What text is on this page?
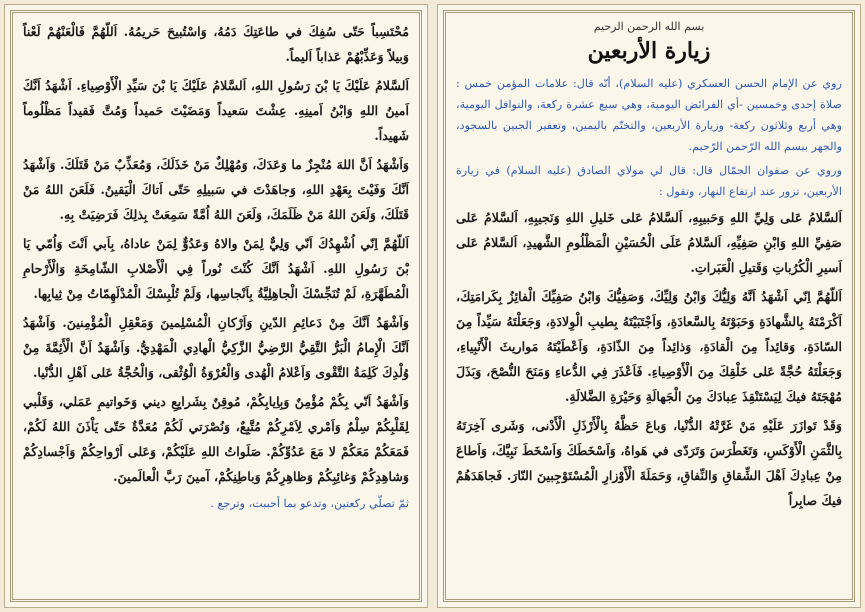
مُحْتَسِباً حَتّى سُفِكَ في طاعَتِكَ دَمُهُ، وَاسْتُبيحَ حَريمُهُ. اَللّهُمَّ فَالْعَنْهُمْ لَعْناً وَبيلاً وَعَذِّبْهُمْ عَذاباً اَليماً.

اَلسَّلامُ عَلَيْكَ يَا بْنَ رَسُولِ اللهِ، اَلسَّلامُ عَلَيْكَ يَا بْنَ سَيِّدِ الْأَوْصِياءِ. اَشْهَدُ اَنَّكَ اَمينُ اللهِ وَابْنُ اَمينِهِ. عِشْتَ سَعيداً وَمَضَيْتَ حَميداً وَمُتَّ فَقيداً مَظْلُوماً شَهيداً.

وَاَشْهَدُ اَنَّ اللهَ مُنْجِزٌ ما وَعَدَكَ، وَمُهْلِكٌ مَنْ خَذَلَكَ، وَمُعَذِّبٌ مَنْ قَتَلَكَ. وَاَشْهَدُ اَنَّكَ وَفَيْتَ بِعَهْدِ اللهِ، وَجاهَدْتَ في سَبيلِهِ حَتّى اَتاكَ الْيَقينُ. فَلَعَنَ اللهُ مَنْ قَتَلَكَ، وَلَعَنَ اللهُ مَنْ ظَلَمَكَ، وَلَعَنَ اللهُ اُمَّةً سَمِعَتْ بِذلِكَ فَرَضِيَتْ بِهِ.

اَللّهُمَّ اِنّي اُشْهِدُكَ اَنّي وَلِيٌّ لِمَنْ والاهُ وَعَدُوٌّ لِمَنْ عاداهُ، بِاَبي اَنْتَ وَاُمّي يَا بْنَ رَسُولِ اللهِ. اَشْهَدُ اَنَّكَ كُنْتَ نُوراً فِي الْأَصْلابِ الشّامِخَةِ وَالْأَرْحامِ الْمُطَهَّرَةِ، لَمْ تُنَجِّسْكَ الْجاهِلِيَّةُ بِاَنْجاسِها، وَلَمْ تُلْبِسْكَ الْمُدْلَهِمّاتُ مِنْ ثِيابِها.

وَاَشْهَدُ اَنَّكَ مِنْ دَعائِمِ الدّينِ وَاَرْكانِ الْمُسْلِمينَ وَمَعْقِلِ الْمُؤْمِنينَ. وَاَشْهَدُ اَنَّكَ الْإِمامُ الْبَرُّ التَّقِيُّ الرَّضِيُّ الزَّكِيُّ الْهادِي الْمَهْدِيُّ. وَاَشْهَدُ اَنَّ الْأَئِمَّةَ مِنْ وُلْدِكَ كَلِمَةُ التَّقْوى وَاَعْلامُ الْهُدى وَالْعُرْوَةُ الْوُثْقى، وَالْحُجَّةُ عَلى اَهْلِ الدُّنْيا.

وَاَشْهَدُ اَنّي بِكُمْ مُؤْمِنٌ وَبِاِيابِكُمْ، مُوقِنٌ بِشَرايِعِ ديني وَخَواتيمِ عَمَلي، وَقَلْبي لِقَلْبِكُمْ سِلْمٌ وَاَمْري لِاَمْرِكُمْ مُتَّبِعٌ، وَنُصْرَتي لَكُمْ مُعَدَّةٌ حَتّى يَاْذَنَ اللهُ لَكُمْ، فَمَعَكُمْ مَعَكُمْ لا مَعَ عَدُوِّكُمْ. صَلَواتُ اللهِ عَلَيْكُمْ، وَعَلى اَرْواحِكُمْ وَاَجْسادِكُمْ وَشاهِدِكُمْ وَغائِبِكُمْ وَظاهِرِكُمْ وَباطِنِكُمْ، آمينَ رَبَّ الْعالَمينَ.

ثمّ تصلّي ركعتين، وتدعو بما أحببت، وترجع .

بسم الله الرحمن الرحيم

زيارة الأربعين

روي عن الإمام الحسن العسكري (عليه السلام)، أنّه قال: علامات المؤمن خمس : صلاة إحدى وخمسين -أي الفرائض اليومية، وهي سبع عشرة ركعة، والنوافل اليومية، وهي أربع وثلاثون ركعة- وزيارة الأربعين، والتختّم باليمين، وتعفير الجبين بالسجود، والجهر ببسم الله الرّحمن الرّحيم.

وروي عن صفوان الجمّال قال: قال لي مولاي الصادق (عليه السلام) في زيارة الأربعين، تزور عند ارتفاع النهار، وتقول :

اَلسَّلامُ عَلى وَلِيِّ اللهِ وَحَبيبِهِ، اَلسَّلامُ عَلى خَليلِ اللهِ وَنَجيبِهِ، اَلسَّلامُ عَلى صَفِيِّ اللهِ وَابْنِ صَفِيِّهِ، اَلسَّلامُ عَلَى الْحُسَيْنِ الْمَظْلُومِ الشَّهيدِ، اَلسَّلامُ عَلى اَسيرِ الْكُرُباتِ وَقَتيلِ الْعَبَراتِ.

اَللّهُمَّ اِنّي اَشْهَدُ اَنَّهُ وَلِيُّكَ وَابْنُ وَلِيِّكَ، وَصَفِيُّكَ وَابْنُ صَفِيِّكَ الْفائِزُ بِكَرامَتِكَ، اَكْرَمْتَهُ بِالشَّهادَةِ وَحَبَوْتَهُ بِالسَّعادَةِ، وَاَجْتَبَيْتَهُ بِطيبِ الْوِلادَةِ، وَجَعَلْتَهُ سَيِّداً مِنَ السّادَةِ، وَقائِداً مِنَ الْقادَةِ، وَذائِداً مِنَ الذّادَةِ، وَاَعْطَيْتَهُ مَواريثَ الْأَنْبِياءِ، وَجَعَلْتَهُ حُجَّةً عَلى خَلْقِكَ مِنَ الْأَوْصِياءِ. فَاَعْذَرَ فِي الدُّعاءِ وَمَنَحَ النُّصْحَ، وَبَذَلَ مُهْجَتَهُ فيكَ لِيَسْتَنْقِذَ عِبادَكَ مِنَ الْجَهالَةِ وَحَيْرَةِ الضَّلالَةِ.

وَقَدْ تَوازَرَ عَلَيْهِ مَنْ غَرَّتْهُ الدُّنْيا، وَباعَ حَظَّهُ بِالْأَرْذَلِ الْأَدْنى، وَشَرى آخِرَتَهُ بِالثَّمَنِ الْأَوْكَسِ، وَتَغَطْرَسَ وَتَرَدّى في هَواهُ، وَاَسْخَطَكَ وَاَسْخَطَ نَبِيَّكَ، وَاَطاعَ مِنْ عِبادِكَ اَهْلَ الشِّقاقِ وَالنِّفاقِ، وَحَمَلَةَ الْأَوْزارِ الْمُسْتَوْجِبينَ النّارَ. فَجاهَدَهُمْ فيكَ صابِراً
